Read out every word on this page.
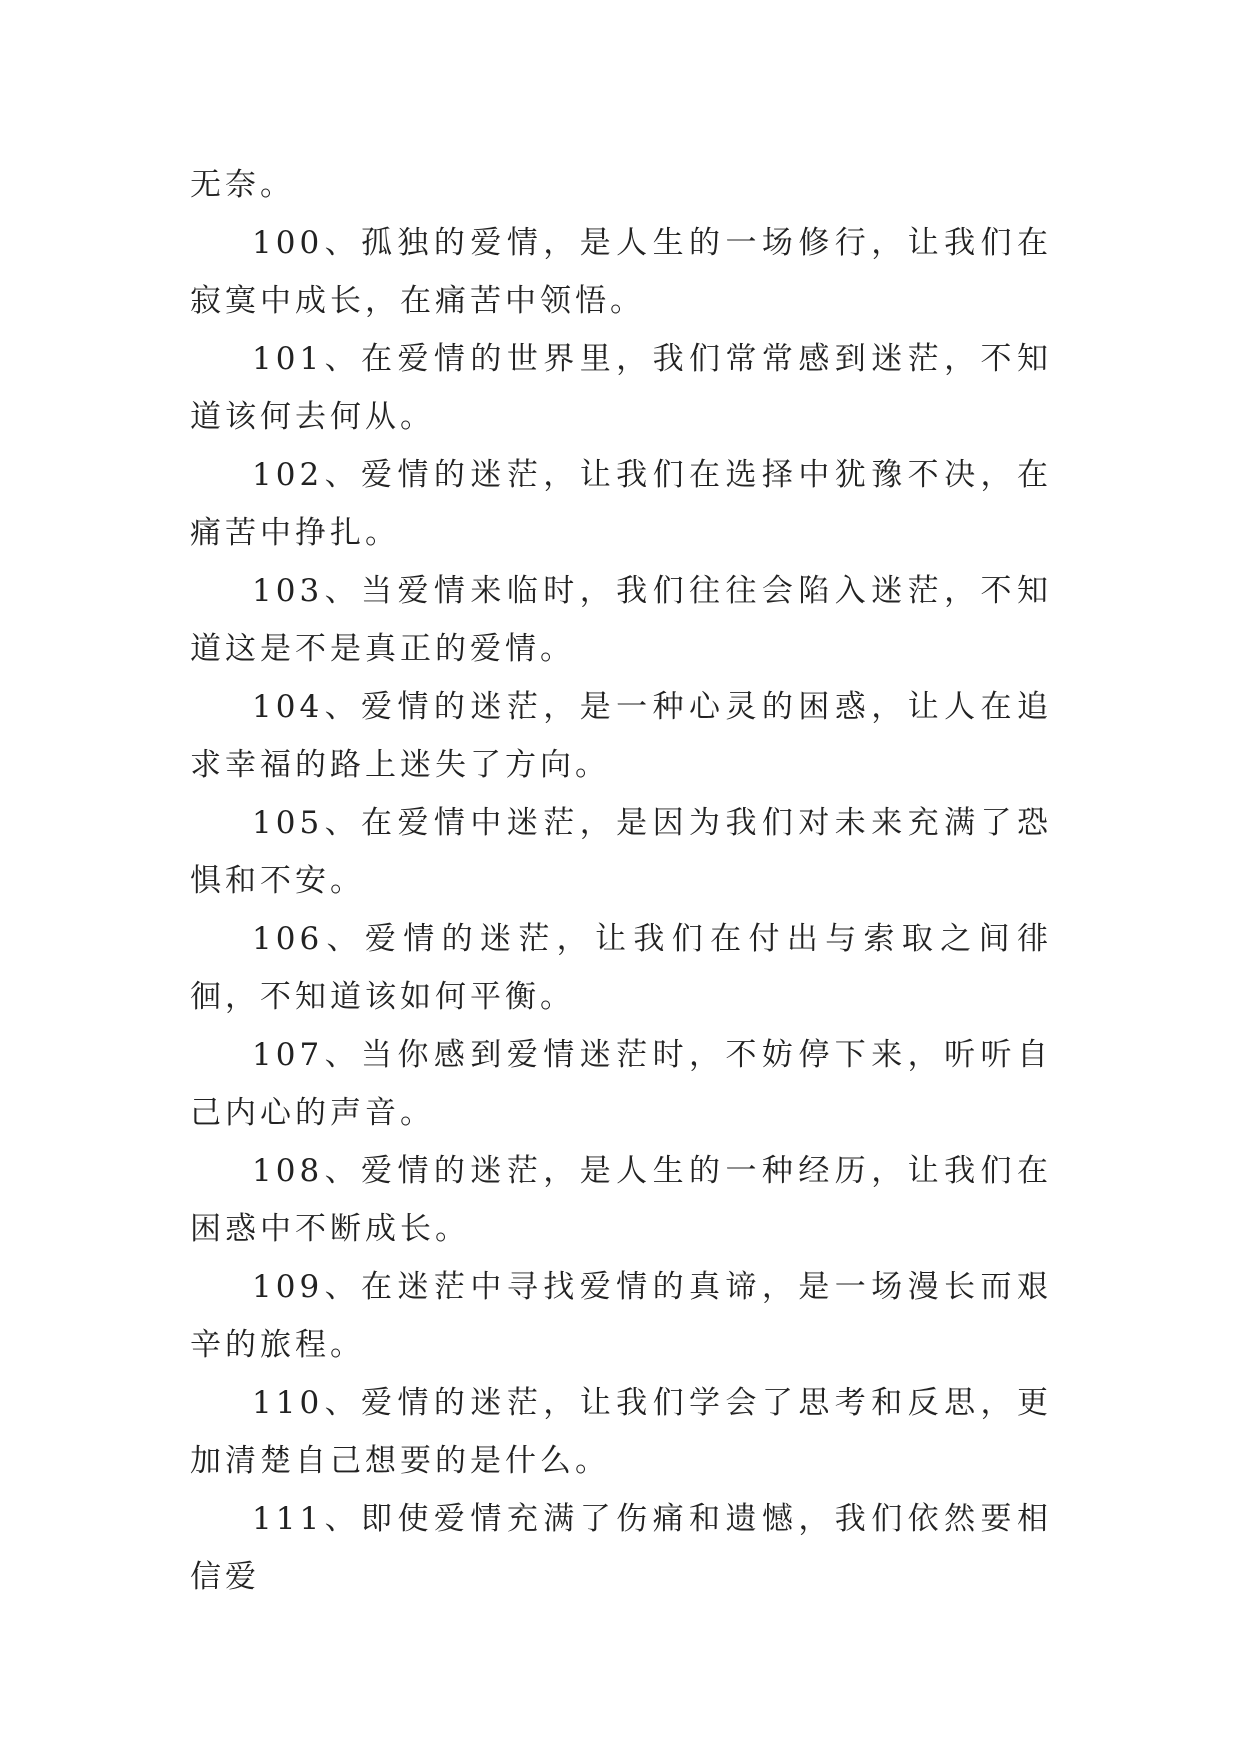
无奈。

100、孤独的爱情，是人生的一场修行，让我们在寂寞中成长，在痛苦中领悟。

101、在爱情的世界里，我们常常感到迷茫，不知道该何去何从。

102、爱情的迷茫，让我们在选择中犹豫不决，在痛苦中挣扎。

103、当爱情来临时，我们往往会陷入迷茫，不知道这是不是真正的爱情。

104、爱情的迷茫，是一种心灵的困惑，让人在追求幸福的路上迷失了方向。

105、在爱情中迷茫，是因为我们对未来充满了恐惧和不安。

106、爱情的迷茫，让我们在付出与索取之间徘徊，不知道该如何平衡。

107、当你感到爱情迷茫时，不妨停下来，听听自己内心的声音。

108、爱情的迷茫，是人生的一种经历，让我们在困惑中不断成长。

109、在迷茫中寻找爱情的真谛，是一场漫长而艰辛的旅程。

110、爱情的迷茫，让我们学会了思考和反思，更加清楚自己想要的是什么。

111、即使爱情充满了伤痛和遗憾，我们依然要相信爱
